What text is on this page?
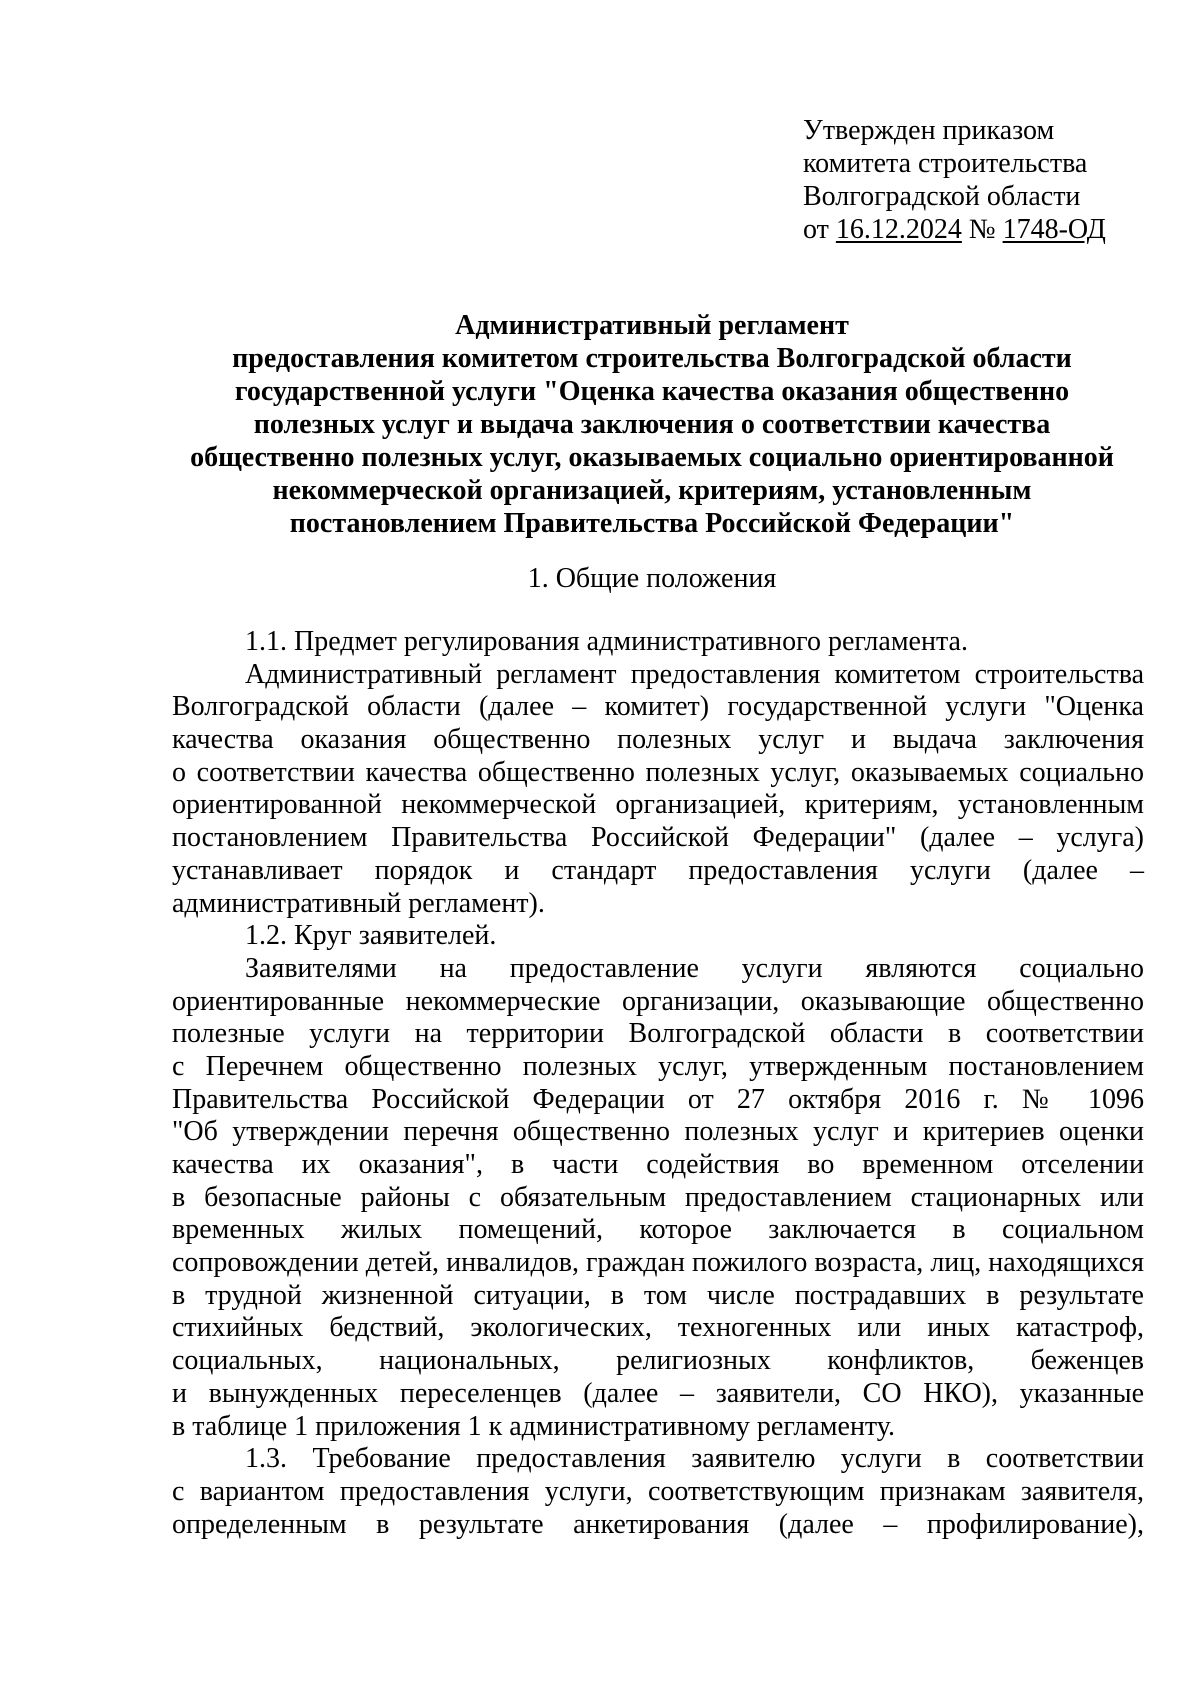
Утвержден приказом
комитета строительства
Волгоградской области
от 16.12.2024 № 1748-ОД
Административный регламент
предоставления комитетом строительства Волгоградской области
государственной услуги "Оценка качества оказания общественно
полезных услуг и выдача заключения о соответствии качества
общественно полезных услуг, оказываемых социально ориентированной
некоммерческой организацией, критериям, установленным
постановлением Правительства Российской Федерации"
1. Общие положения
1.1. Предмет регулирования административного регламента.
Административный регламент предоставления комитетом строительства
Волгоградской области (далее – комитет) государственной услуги "Оценка
качества оказания общественно полезных услуг и выдача заключения
о соответствии качества общественно полезных услуг, оказываемых социально
ориентированной некоммерческой организацией, критериям, установленным
постановлением Правительства Российской Федерации" (далее – услуга)
устанавливает порядок и стандарт предоставления услуги (далее –
административный регламент).
1.2. Круг заявителей.
Заявителями на предоставление услуги являются социально
ориентированные некоммерческие организации, оказывающие общественно
полезные услуги на территории Волгоградской области в соответствии
с Перечнем общественно полезных услуг, утвержденным постановлением
Правительства Российской Федерации от 27 октября 2016 г. № 1096
"Об утверждении перечня общественно полезных услуг и критериев оценки
качества их оказания", в части содействия во временном отселении
в безопасные районы с обязательным предоставлением стационарных или
временных жилых помещений, которое заключается в социальном
сопровождении детей, инвалидов, граждан пожилого возраста, лиц, находящихся
в трудной жизненной ситуации, в том числе пострадавших в результате
стихийных бедствий, экологических, техногенных или иных катастроф,
социальных, национальных, религиозных конфликтов, беженцев
и вынужденных переселенцев (далее – заявители, СО НКО), указанные
в таблице 1 приложения 1 к административному регламенту.
1.3. Требование предоставления заявителю услуги в соответствии
с вариантом предоставления услуги, соответствующим признакам заявителя,
определенным в результате анкетирования (далее – профилирование),
